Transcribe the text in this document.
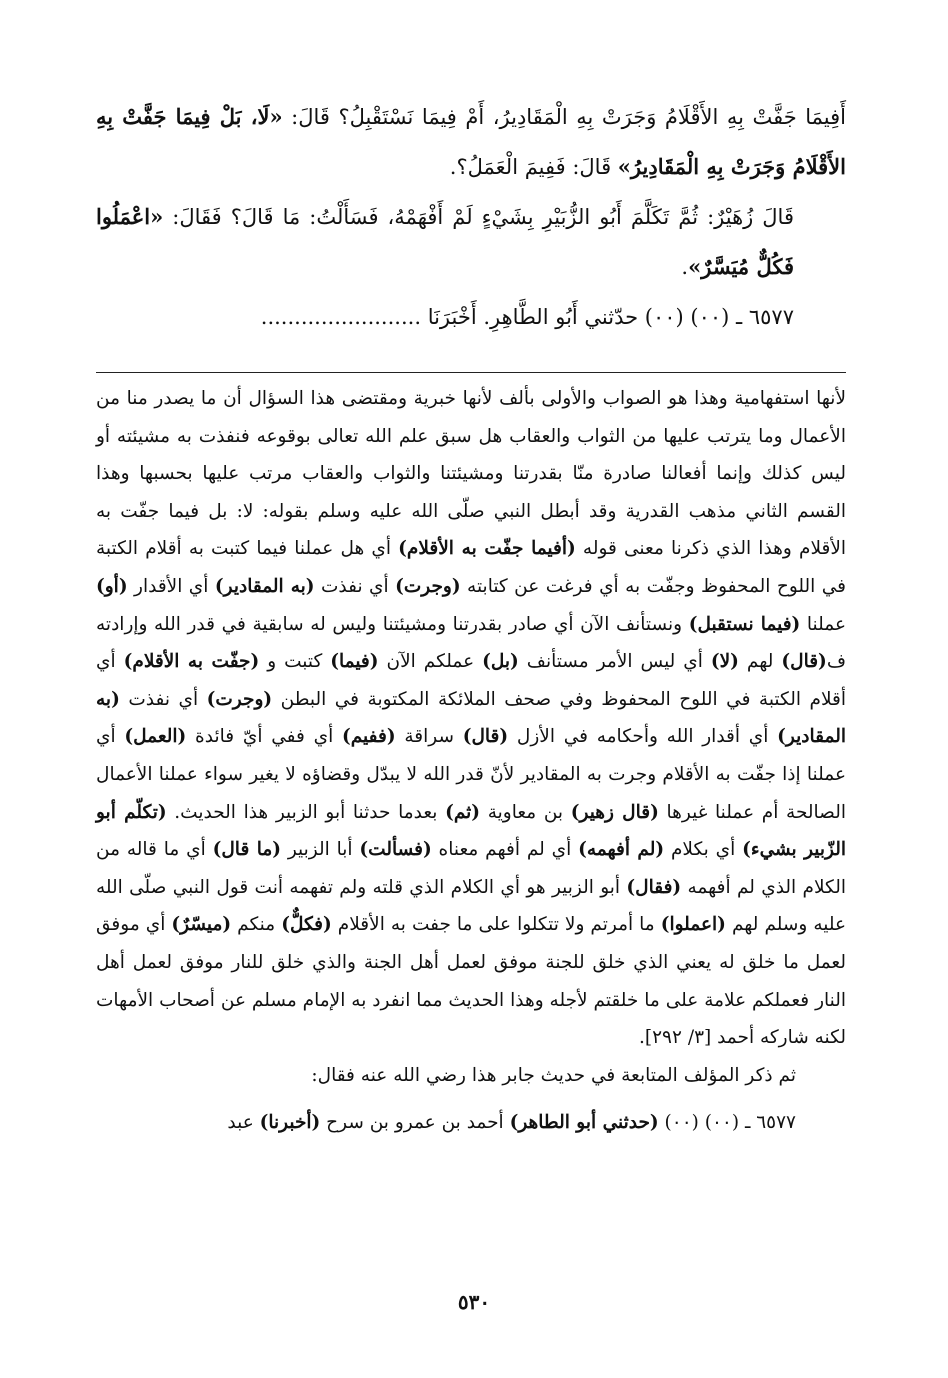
أَفِيمَا جَفَّتْ بِهِ الأَقْلَامُ وَجَرَتْ بِهِ الْمَقَادِيرُ، أَمْ فِيمَا نَسْتَقْبِلُ؟ قَالَ: «لَا، بَلْ فِيمَا جَفَّتْ بِهِ الأَقْلَامُ وَجَرَتْ بِهِ الْمَقَادِيرُ» قَالَ: فَفِيمَ الْعَمَلُ؟.

قَالَ زُهَيْرٌ: ثُمَّ تَكَلَّمَ أَبُو الزُّبَيْرِ بِشَيْءٍ لَمْ أَفْهَمْهُ، فَسَأَلْتُ: مَا قَالَ؟ فَقَالَ: «اعْمَلُوا فَكُلٌّ مُيَسَّرٌ».

٦٥٧٧ ـ (٠٠) (٠٠) حدّثني أَبُو الطَّاهِرِ. أَخْبَرَنَا ........................

لأنها استفهامية وهذا هو الصواب والأولى بألف لأنها خبرية ومقتضى هذا السؤال أن ما يصدر منا من الأعمال وما يترتب عليها من الثواب والعقاب هل سبق علم الله تعالى بوقوعه فنفذت به مشيئته أو ليس كذلك وإنما أفعالنا صادرة منّا بقدرتنا ومشيئتنا والثواب والعقاب مرتب عليها بحسبها وهذا القسم الثاني مذهب القدرية وقد أبطل النبي صلّى الله عليه وسلم بقوله: لا: بل فيما جفّت به الأقلام وهذا الذي ذكرنا معنى قوله (أفيما جفّت به الأقلام) أي هل عملنا فيما كتبت به أقلام الكتبة في اللوح المحفوظ وجفّت به أي فرغت عن كتابته (وجرت) أي نفذت (به المقادير) أي الأقدار (أو) عملنا (فيما نستقبل) ونستأنف الآن أي صادر بقدرتنا ومشيئتنا وليس له سابقية في قدر الله وإرادته ف(قال) لهم (لا) أي ليس الأمر مستأنف (بل) عملكم الآن (فيما) كتبت و (جفّت به الأقلام) أي أقلام الكتبة في اللوح المحفوظ وفي صحف الملائكة المكتوبة في البطن (وجرت) أي نفذت (به المقادير) أي أقدار الله وأحكامه في الأزل (قال) سراقة (ففيم) أي ففي أيّ فائدة (العمل) أي عملنا إذا جفّت به الأقلام وجرت به المقادير لأنّ قدر الله لا يبدّل وقضاؤه لا يغير سواء عملنا الأعمال الصالحة أم عملنا غيرها (قال زهير) بن معاوية (ثم) بعدما حدثنا أبو الزبير هذا الحديث. (تكلّم أبو الزّبير بشيء) أي بكلام (لم أفهمه) أي لم أفهم معناه (فسألت) أبا الزبير (ما قال) أي ما قاله من الكلام الذي لم أفهمه (فقال) أبو الزبير هو أي الكلام الذي قلته ولم تفهمه أنت قول النبي صلّى الله عليه وسلم لهم (اعملوا) ما أمرتم ولا تتكلوا على ما جفت به الأقلام (فكلٌّ) منكم (ميسّرٌ) أي موفق لعمل ما خلق له يعني الذي خلق للجنة موفق لعمل أهل الجنة والذي خلق للنار موفق لعمل أهل النار فعملكم علامة على ما خلقتم لأجله وهذا الحديث مما انفرد به الإمام مسلم عن أصحاب الأمهات لكنه شاركه أحمد [٣/ ٢٩٢].

ثم ذكر المؤلف المتابعة في حديث جابر هذا رضي الله عنه فقال:

٦٥٧٧ ـ (٠٠) (٠٠) (حدثني أبو الطاهر) أحمد بن عمرو بن سرح (أخبرنا) عبد

٥٣٠
